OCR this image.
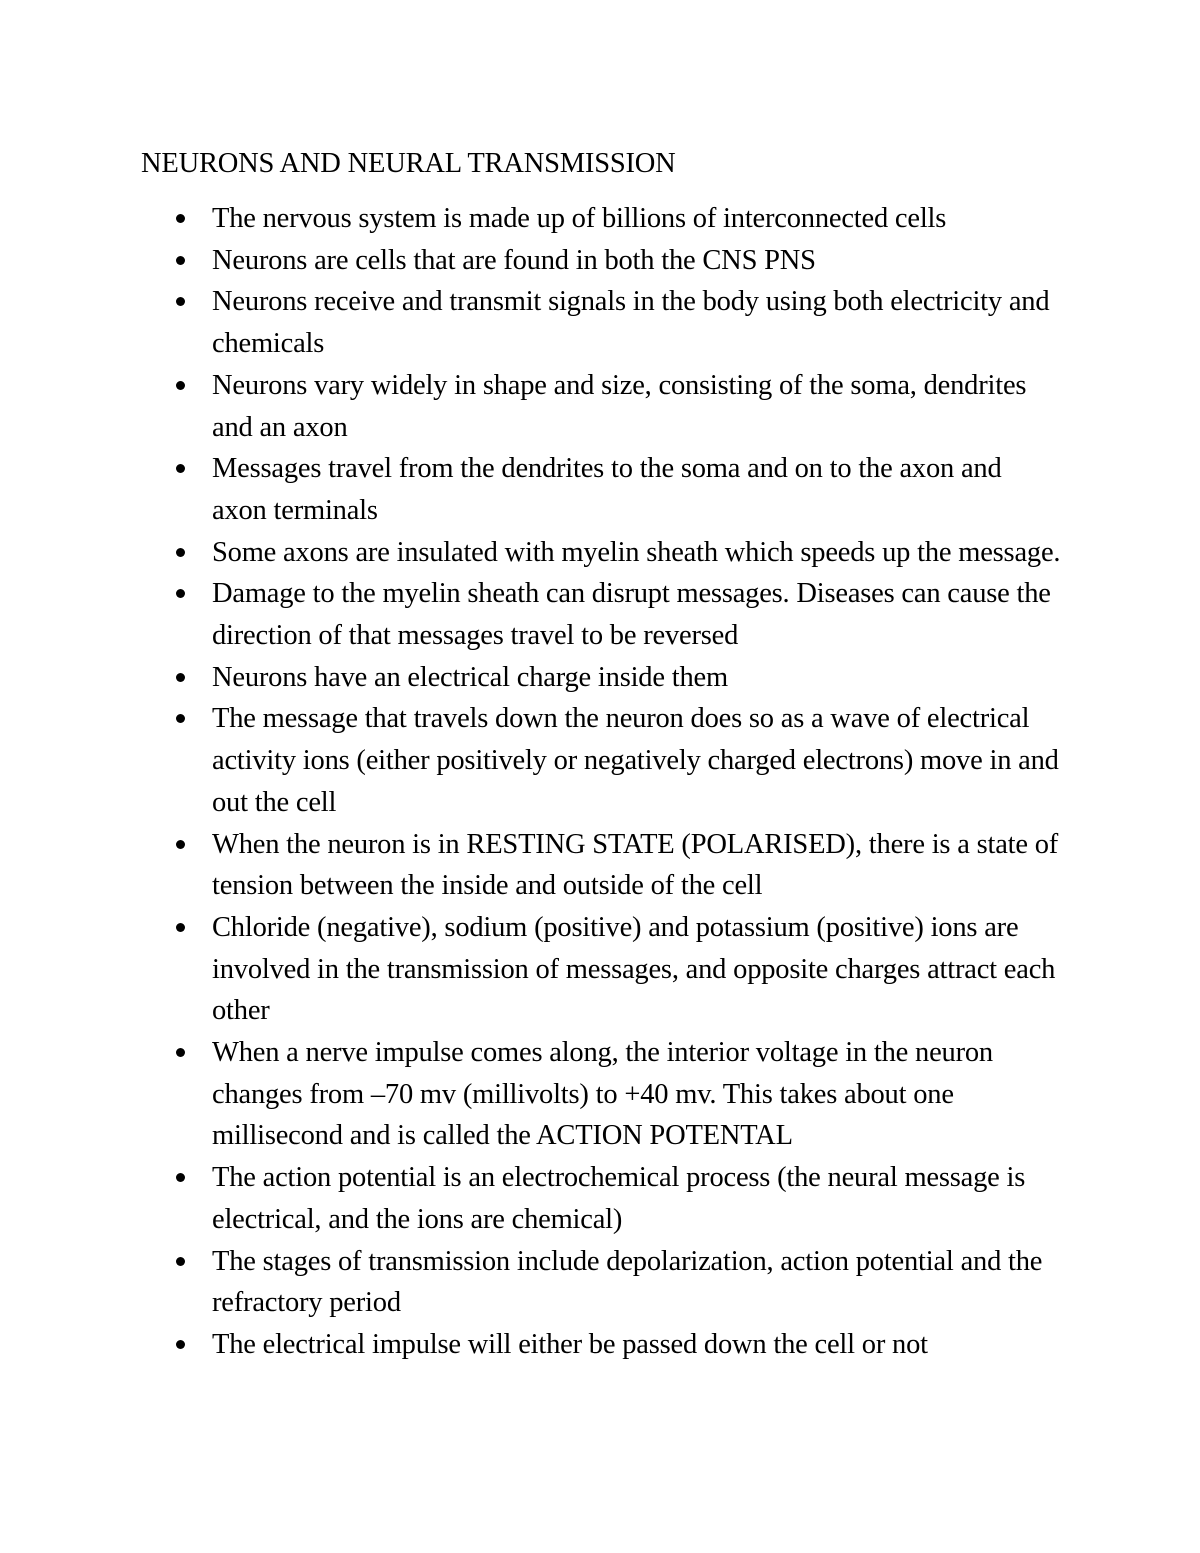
NEURONS AND NEURAL TRANSMISSION
The nervous system is made up of billions of interconnected cells
Neurons are cells that are found in both the CNS PNS
Neurons receive and transmit signals in the body using both electricity and chemicals
Neurons vary widely in shape and size, consisting of the soma, dendrites and an axon
Messages travel from the dendrites to the soma and on to the axon and axon terminals
Some axons are insulated with myelin sheath which speeds up the message.
Damage to the myelin sheath can disrupt messages. Diseases can cause the direction of that messages travel to be reversed
Neurons have an electrical charge inside them
The message that travels down the neuron does so as a wave of electrical activity ions (either positively or negatively charged electrons) move in and out the cell
When the neuron is in RESTING STATE (POLARISED), there is a state of tension between the inside and outside of the cell
Chloride (negative), sodium (positive) and potassium (positive) ions are involved in the transmission of messages, and opposite charges attract each other
When a nerve impulse comes along, the interior voltage in the neuron changes from –70 mv (millivolts) to +40 mv. This takes about one millisecond and is called the ACTION POTENTAL
The action potential is an electrochemical process (the neural message is electrical, and the ions are chemical)
The stages of transmission include depolarization, action potential and the refractory period
The electrical impulse will either be passed down the cell or not
